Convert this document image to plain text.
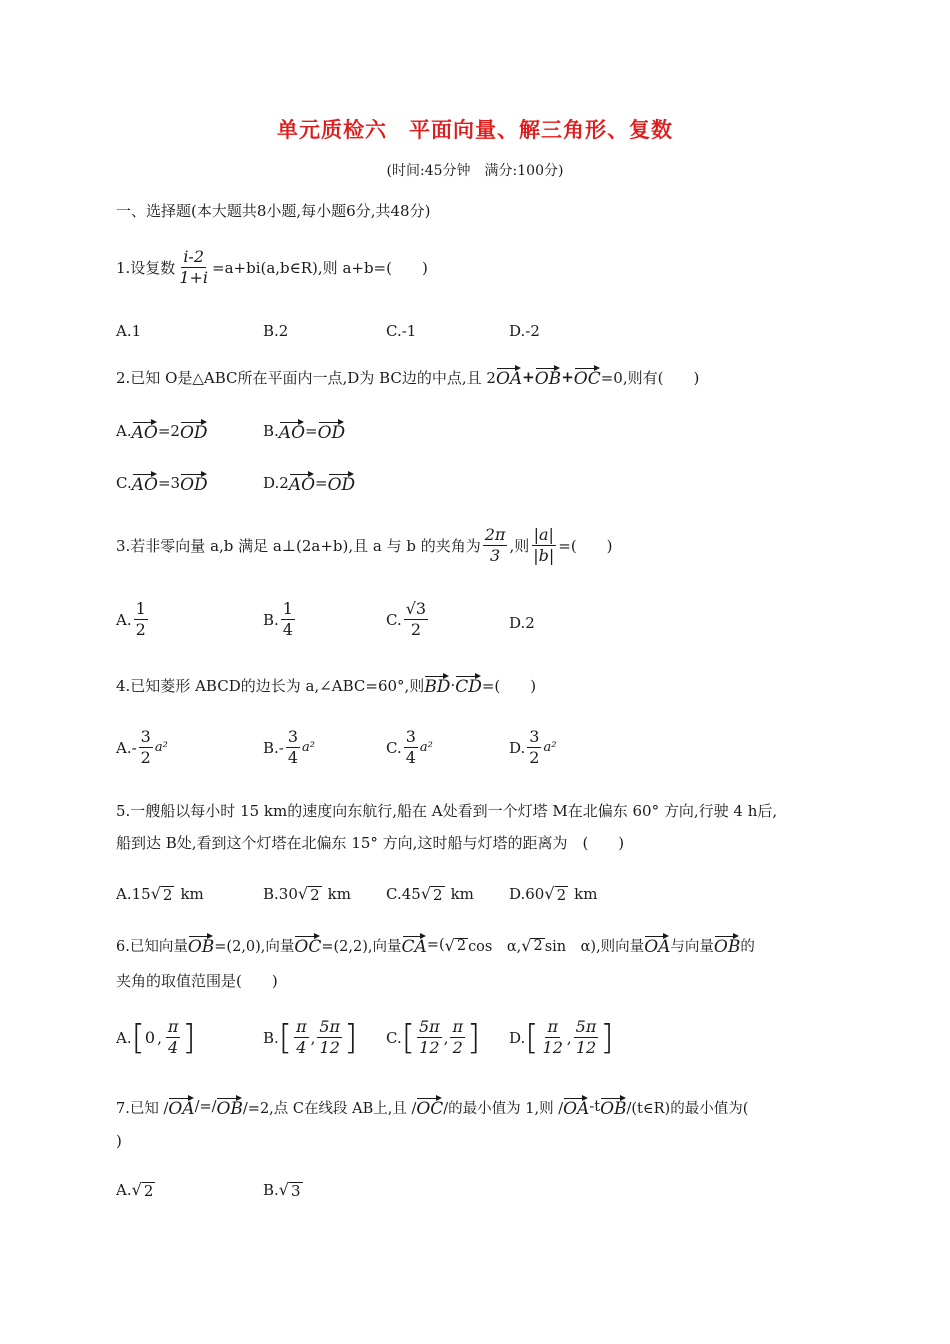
单元质检六　平面向量、解三角形、复数
(时间:45分钟　满分:100分)
一、选择题(本大题共8小题,每小题6分,共48分)
1.设复数 $\frac{i-2}{1+i}$ =a+bi(a,b∈R),则 a+b=(　　)
A.1	B.2	C.-1	D.-2
2.已知 O是△ABC所在平面内一点,D为 BC边的中点,且 2 OA + OB + OC =0,则有(　　)
A. AO =2 OD	B. AO = OD
C. AO =3 OD	D.2 AO = OD
3.若非零向量 a,b 满足 a⊥(2a+b),且 a 与 b 的夹角为 $\frac{2\pi}{3}$ ,则 $\frac{|a|}{|b|}$ =(　　)
A. $\frac{1}{2}$	B. $\frac{1}{4}$	C. $\frac{√3}{2}$	D.2
4.已知菱形 ABCD的边长为 a,∠ABC=60°,则 BD · CD =(　　)
$A.- \frac{3}{2} a^2$	$B.- \frac{3}{4} a^2$	C. $\frac{3}{4} a^2$	D. $\frac{3}{2} a^2$
5.一艘船以每小时 15 km的速度向东航行,船在 A处看到一个灯塔 M在北偏东 60° 方向,行驶 4 h后,
船到达 B处,看到这个灯塔在北偏东 15° 方向,这时船与灯塔的距离为　(　　)
A.15 √ 2 km	B.30 √ 2 km C.45 √ 2 km D.60 √ 2 km
6.已知向量 OB =(2,0),向量 OC =(2,2),向量 CA =( √ 2 cos　α, √ 2 sin　α),则向量 OA 与向量 OB 的
夹角的取值范围是(　　)
A. [ 0 , $\frac{\pi}{4}$ ]	B. [ $\frac{\pi}{4}$ , $\frac{5\pi}{12}$ ] C. [ $\frac{5\pi}{12}$ , $\frac{\pi}{2}$ ] D. [ $\frac{\pi}{12}$ , $\frac{5\pi}{12}$ ]
7.已知 / OA /=/ OB /=2,点 C在线段 AB上,且 / OC /的最小值为 1,则 / OA -t OB /(t∈R)的最小值为(
)
A. √ 2	B. √ 3
